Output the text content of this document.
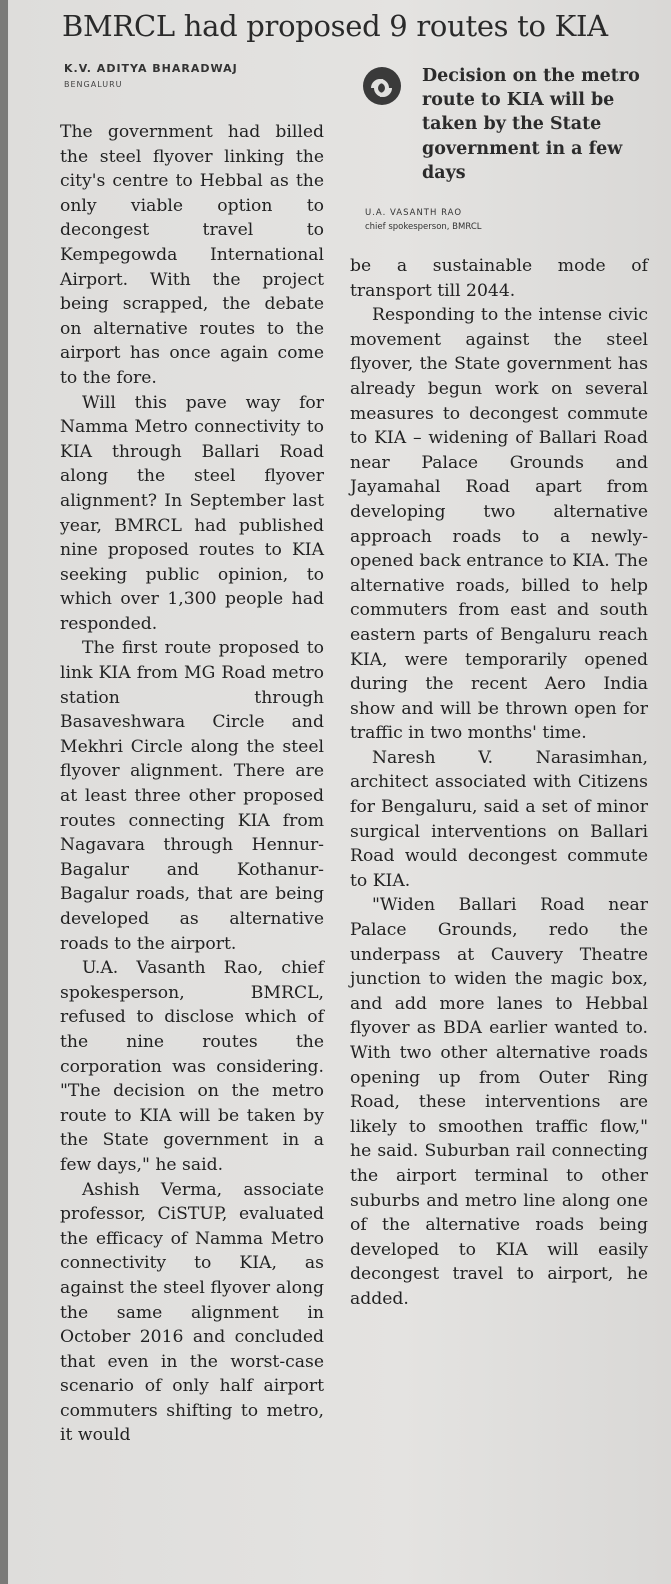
BMRCL had proposed 9 routes to KIA
K.V. ADITYA BHARADWAJ
BENGALURU

The government had billed the steel flyover linking the city's centre to Hebbal as the only viable option to decongest travel to Kempegowda International Airport. With the project being scrapped, the debate on alternative routes to the airport has once again come to the fore.

Will this pave way for Namma Metro connectivity to KIA through Ballari Road along the steel flyover alignment? In September last year, BMRCL had published nine proposed routes to KIA seeking public opinion, to which over 1,300 people had responded.

The first route proposed to link KIA from MG Road metro station through Basaveshwara Circle and Mekhri Circle along the steel flyover alignment. There are at least three other proposed routes connecting KIA from Nagavara through Hennur-Bagalur and Kothanur-Bagalur roads, that are being developed as alternative roads to the airport.

U.A. Vasanth Rao, chief spokesperson, BMRCL, refused to disclose which of the nine routes the corporation was considering. "The decision on the metro route to KIA will be taken by the State government in a few days," he said.

Ashish Verma, associate professor, CiSTUP, evaluated the efficacy of Namma Metro connectivity to KIA, as against the steel flyover along the same alignment in October 2016 and concluded that even in the worst-case scenario of only half airport commuters shifting to metro, it would

Decision on the metro route to KIA will be taken by the State government in a few days
U.A. VASANTH RAO
chief spokesperson, BMRCL

be a sustainable mode of transport till 2044.

Responding to the intense civic movement against the steel flyover, the State government has already begun work on several measures to decongest commute to KIA – widening of Ballari Road near Palace Grounds and Jayamahal Road apart from developing two alternative approach roads to a newly-opened back entrance to KIA. The alternative roads, billed to help commuters from east and south eastern parts of Bengaluru reach KIA, were temporarily opened during the recent Aero India show and will be thrown open for traffic in two months' time.

Naresh V. Narasimhan, architect associated with Citizens for Bengaluru, said a set of minor surgical interventions on Ballari Road would decongest commute to KIA.

"Widen Ballari Road near Palace Grounds, redo the underpass at Cauvery Theatre junction to widen the magic box, and add more lanes to Hebbal flyover as BDA earlier wanted to. With two other alternative roads opening up from Outer Ring Road, these interventions are likely to smoothen traffic flow," he said. Suburban rail connecting the airport terminal to other suburbs and metro line along one of the alternative roads being developed to KIA will easily decongest travel to airport, he added.
